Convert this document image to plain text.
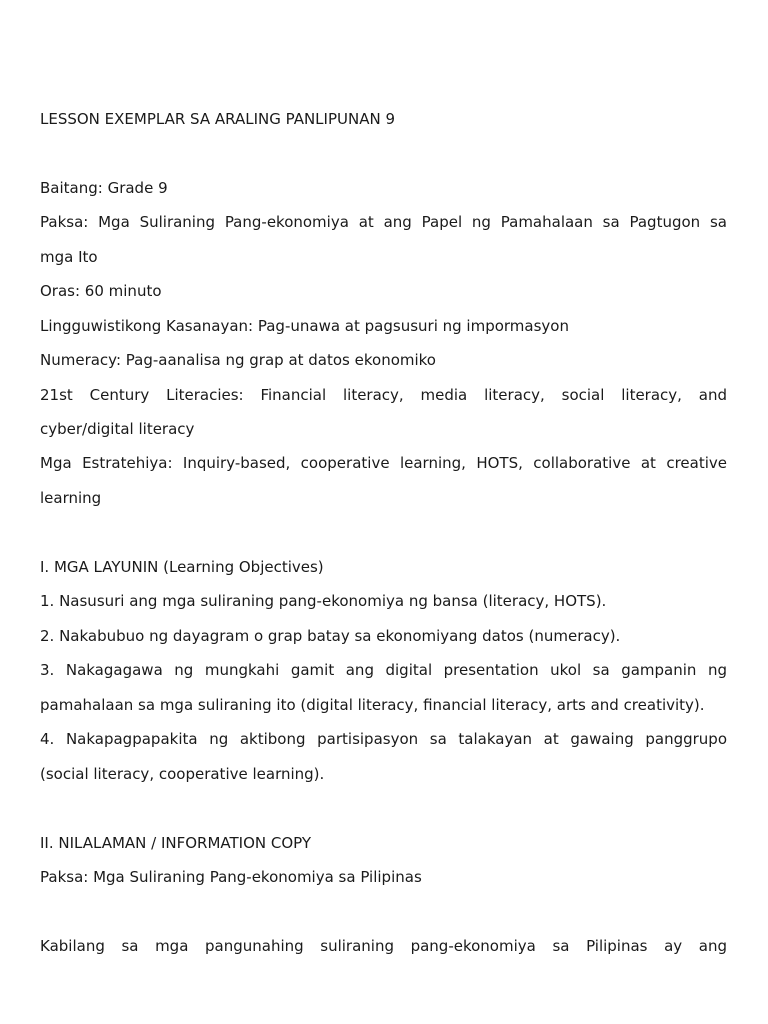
LESSON EXEMPLAR SA ARALING PANLIPUNAN 9
Baitang: Grade 9
Paksa: Mga Suliraning Pang-ekonomiya at ang Papel ng Pamahalaan sa Pagtugon sa
mga Ito
Oras: 60 minuto
Lingguwistikong Kasanayan: Pag-unawa at pagsusuri ng impormasyon
Numeracy: Pag-aanalisa ng grap at datos ekonomiko
21st Century Literacies: Financial literacy, media literacy, social literacy, and
cyber/digital literacy
Mga Estratehiya: Inquiry-based, cooperative learning, HOTS, collaborative at creative
learning
I. MGA LAYUNIN (Learning Objectives)
1. Nasusuri ang mga suliraning pang-ekonomiya ng bansa (literacy, HOTS).
2. Nakabubuo ng dayagram o grap batay sa ekonomiyang datos (numeracy).
3. Nakagagawa ng mungkahi gamit ang digital presentation ukol sa gampanin ng
pamahalaan sa mga suliraning ito (digital literacy, financial literacy, arts and creativity).
4. Nakapagpapakita ng aktibong partisipasyon sa talakayan at gawaing panggrupo
(social literacy, cooperative learning).
II. NILALAMAN / INFORMATION COPY
Paksa: Mga Suliraning Pang-ekonomiya sa Pilipinas
Kabilang sa mga pangunahing suliraning pang-ekonomiya sa Pilipinas ay ang
